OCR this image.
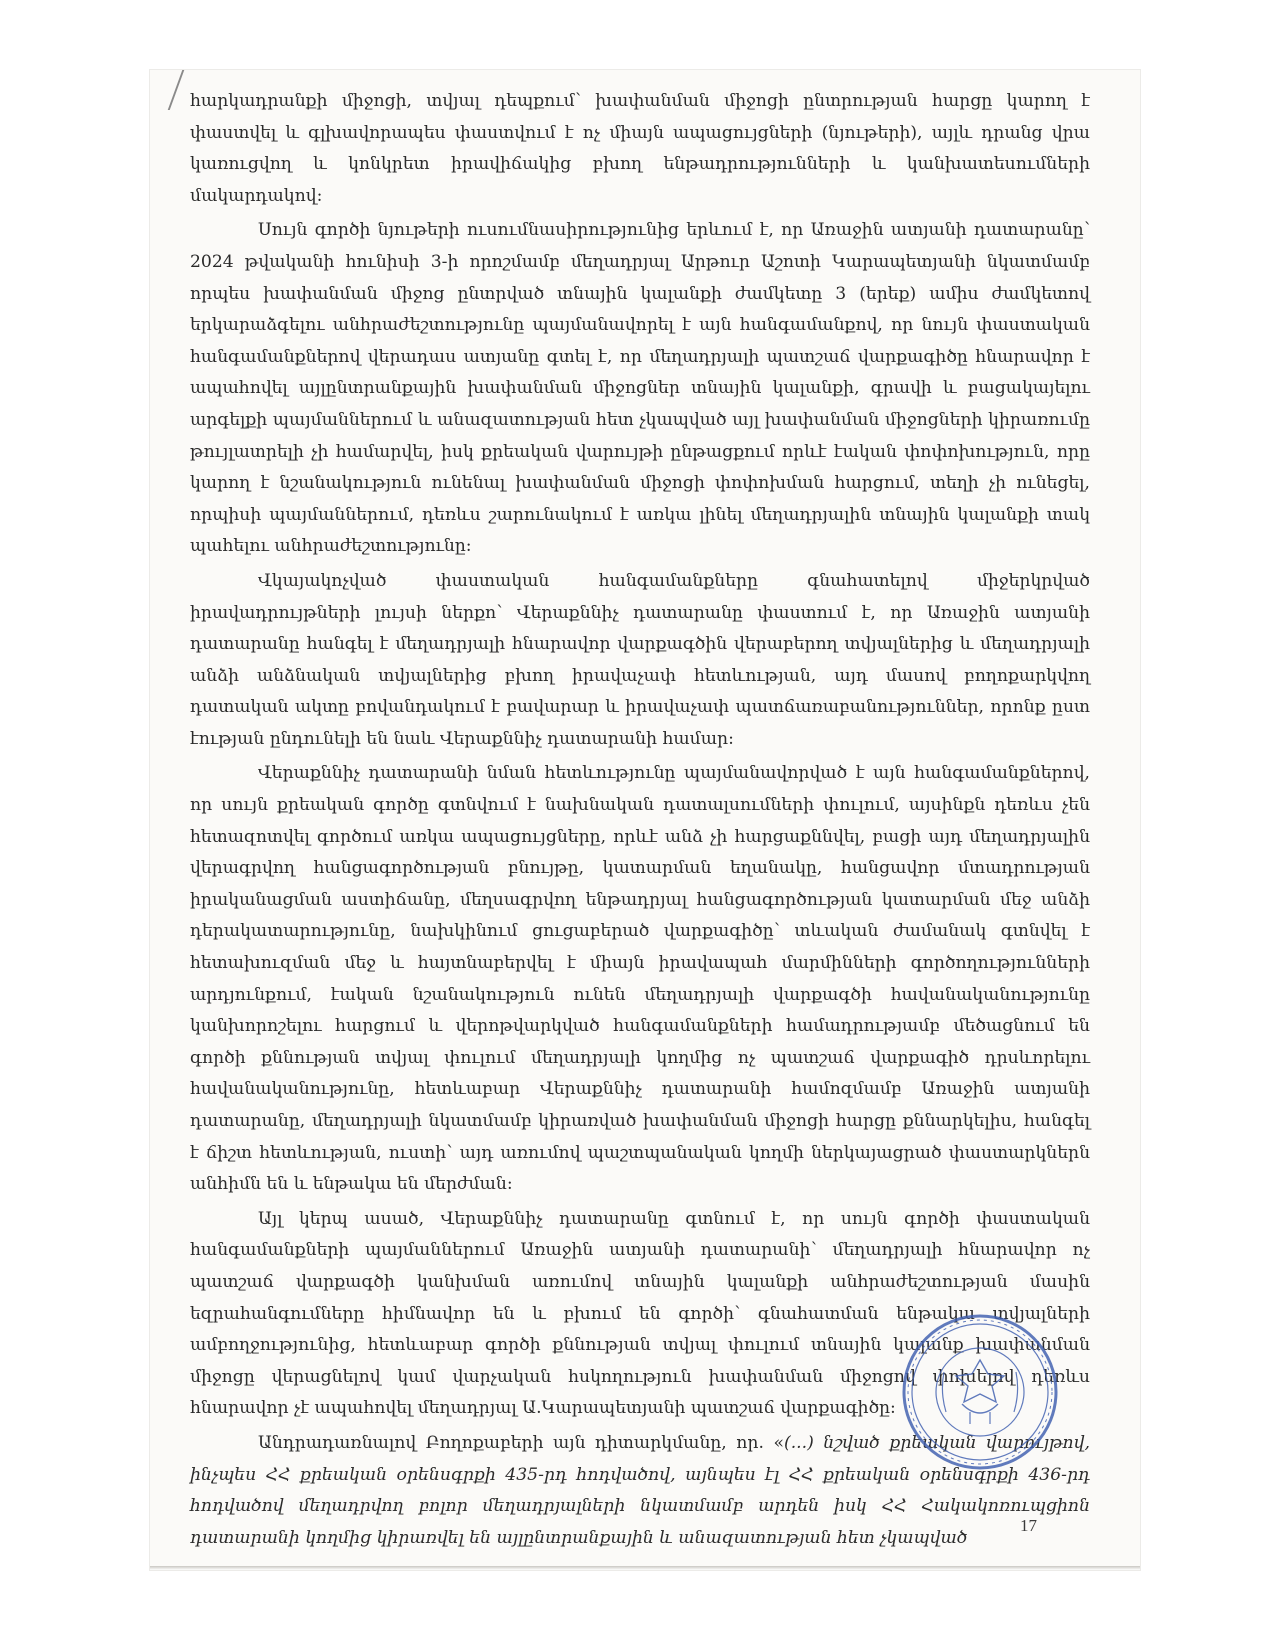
հարկադրանքի միջոցի, տվյալ դեպքում՝ խափանման միջոցի ընտրության հարցը կարող է փաստվել և գլխավորապես փաստվում է ոչ միայն ապացույցների (նյութերի), այլև դրանց վրա կառուցվող և կոնկրետ իրավիճակից բխող ենթադրությունների և կանխատեսումների մակարդակով:

Սույն գործի նյութերի ուսումնասիրությունից երևում է, որ Առաջին ատյանի դատարանը՝ 2024 թվականի հունիսի 3-ի որոշմամբ մեղադրյալ Արթուր Աշոտի Կարապետյանի նկատմամբ որպես խափանման միջոց ընտրված տնային կալանքի ժամկետը 3 (երեք) ամիս ժամկետով երկարաձգելու անհրաժեշտությունը պայմանավորել է այն հանգամանքով, որ նույն փաստական հանգամանքներով վերադաս ատյանը գտել է, որ մեղադրյալի պատշաճ վարքագիծը հնարավոր է ապահովել այլընտրանքային խափանման միջոցներ տնային կալանքի, գրավի և բացակայելու արգելքի պայմաններում և անազատության հետ չկապված այլ խափանման միջոցների կիրառումը թույլատրելի չի համարվել, իսկ քրեական վարույթի ընթացքում որևէ էական փոփոխություն, որը կարող է նշանակություն ունենալ խափանման միջոցի փոփոխման հարցում, տեղի չի ունեցել, որպիսի պայմաններում, դեռևս շարունակում է առկա լինել մեղադրյալին տնային կալանքի տակ պահելու անհրաժեշտությունը:

Վկայակոչված փաստական հանգամանքները գնահատելով միջերկրված իրավադրույթների լույսի ներքո՝ Վերաքննիչ դատարանը փաստում է, որ Առաջին ատյանի դատարանը հանգել է մեղադրյալի հնարավոր վարքագծին վերաբերող տվյալներից և մեղադրյալի անձի անձնական տվյալներից բխող իրավաչափ հետևության, այդ մասով բողոքարկվող դատական ակտը բովանդակում է բավարար և իրավաչափ պատճառաբանություններ, որոնք ըստ էության ընդունելի են նաև Վերաքննիչ դատարանի համար:

Վերաքննիչ դատարանի նման հետևությունը պայմանավորված է այն հանգամանքներով, որ սույն քրեական գործը գտնվում է նախնական դատալսումների փուլում, այսինքն դեռևս չեն հետազոտվել գործում առկա ապացույցները, որևէ անձ չի հարցաքննվել, բացի այդ մեղադրյալին վերագրվող հանցագործության բնույթը, կատարման եղանակը, հանցավոր մտադրության իրականացման աստիճանը, մեղսագրվող ենթադրյալ հանցագործության կատարման մեջ անձի դերակատարությունը, նախկինում ցուցաբերած վարքագիծը՝ տևական ժամանակ գտնվել է հետախուզման մեջ և հայտնաբերվել է միայն իրավապահ մարմինների գործողությունների արդյունքում, էական նշանակություն ունեն մեղադրյալի վարքագծի հավանականությունը կանխորոշելու հարցում և վերոթվարկված հանգամանքների համադրությամբ մեծացնում են գործի քննության տվյալ փուլում մեղադրյալի կողմից ոչ պատշաճ վարքագիծ դրսևորելու հավանականությունը, հետևաբար Վերաքննիչ դատարանի համոզմամբ Առաջին ատյանի դատարանը, մեղադրյալի նկատմամբ կիրառված խափանման միջոցի հարցը քննարկելիս, հանգել է ճիշտ հետևության, ուստի՝ այդ առումով պաշտպանական կողմի ներկայացրած փաստարկներն անհիմն են և ենթակա են մերժման:

Այլ կերպ ասած, Վերաքննիչ դատարանը գտնում է, որ սույն գործի փաստական հանգամանքների պայմաններում Առաջին ատյանի դատարանի՝ մեղադրյալի հնարավոր ոչ պատշաճ վարքագծի կանխման առումով տնային կալանքի անհրաժեշտության մասին եզրահանգումները հիմնավոր են և բխում են գործի՝ գնահատման ենթակա տվյալների ամբողջությունից, հետևաբար գործի քննության տվյալ փուլում տնային կալանք խափանման միջոցը վերացնելով կամ վարչական հսկողություն խափանման միջոցով փոխելով դեռևս հնարավոր չէ ապահովել մեղադրյալ Ա.Կարապետյանի պատշաճ վարքագիծը:

Անդրադառնալով Բողոքաբերի այն դիտարկմանը, որ. «(...) նշված քրեական վարույթով, ինչպես ՀՀ քրեական օրենսգրքի 435-րդ հոդվածով, այնպես էլ ՀՀ քրեական օրենսգրքի 436-րդ հոդվածով մեղադրվող բոլոր մեղադրյալների նկատմամբ արդեն իսկ ՀՀ Հակակոռուպցիոն դատարանի կողմից կիրառվել են այլընտրանքային և անազատության հետ չկապված

17
